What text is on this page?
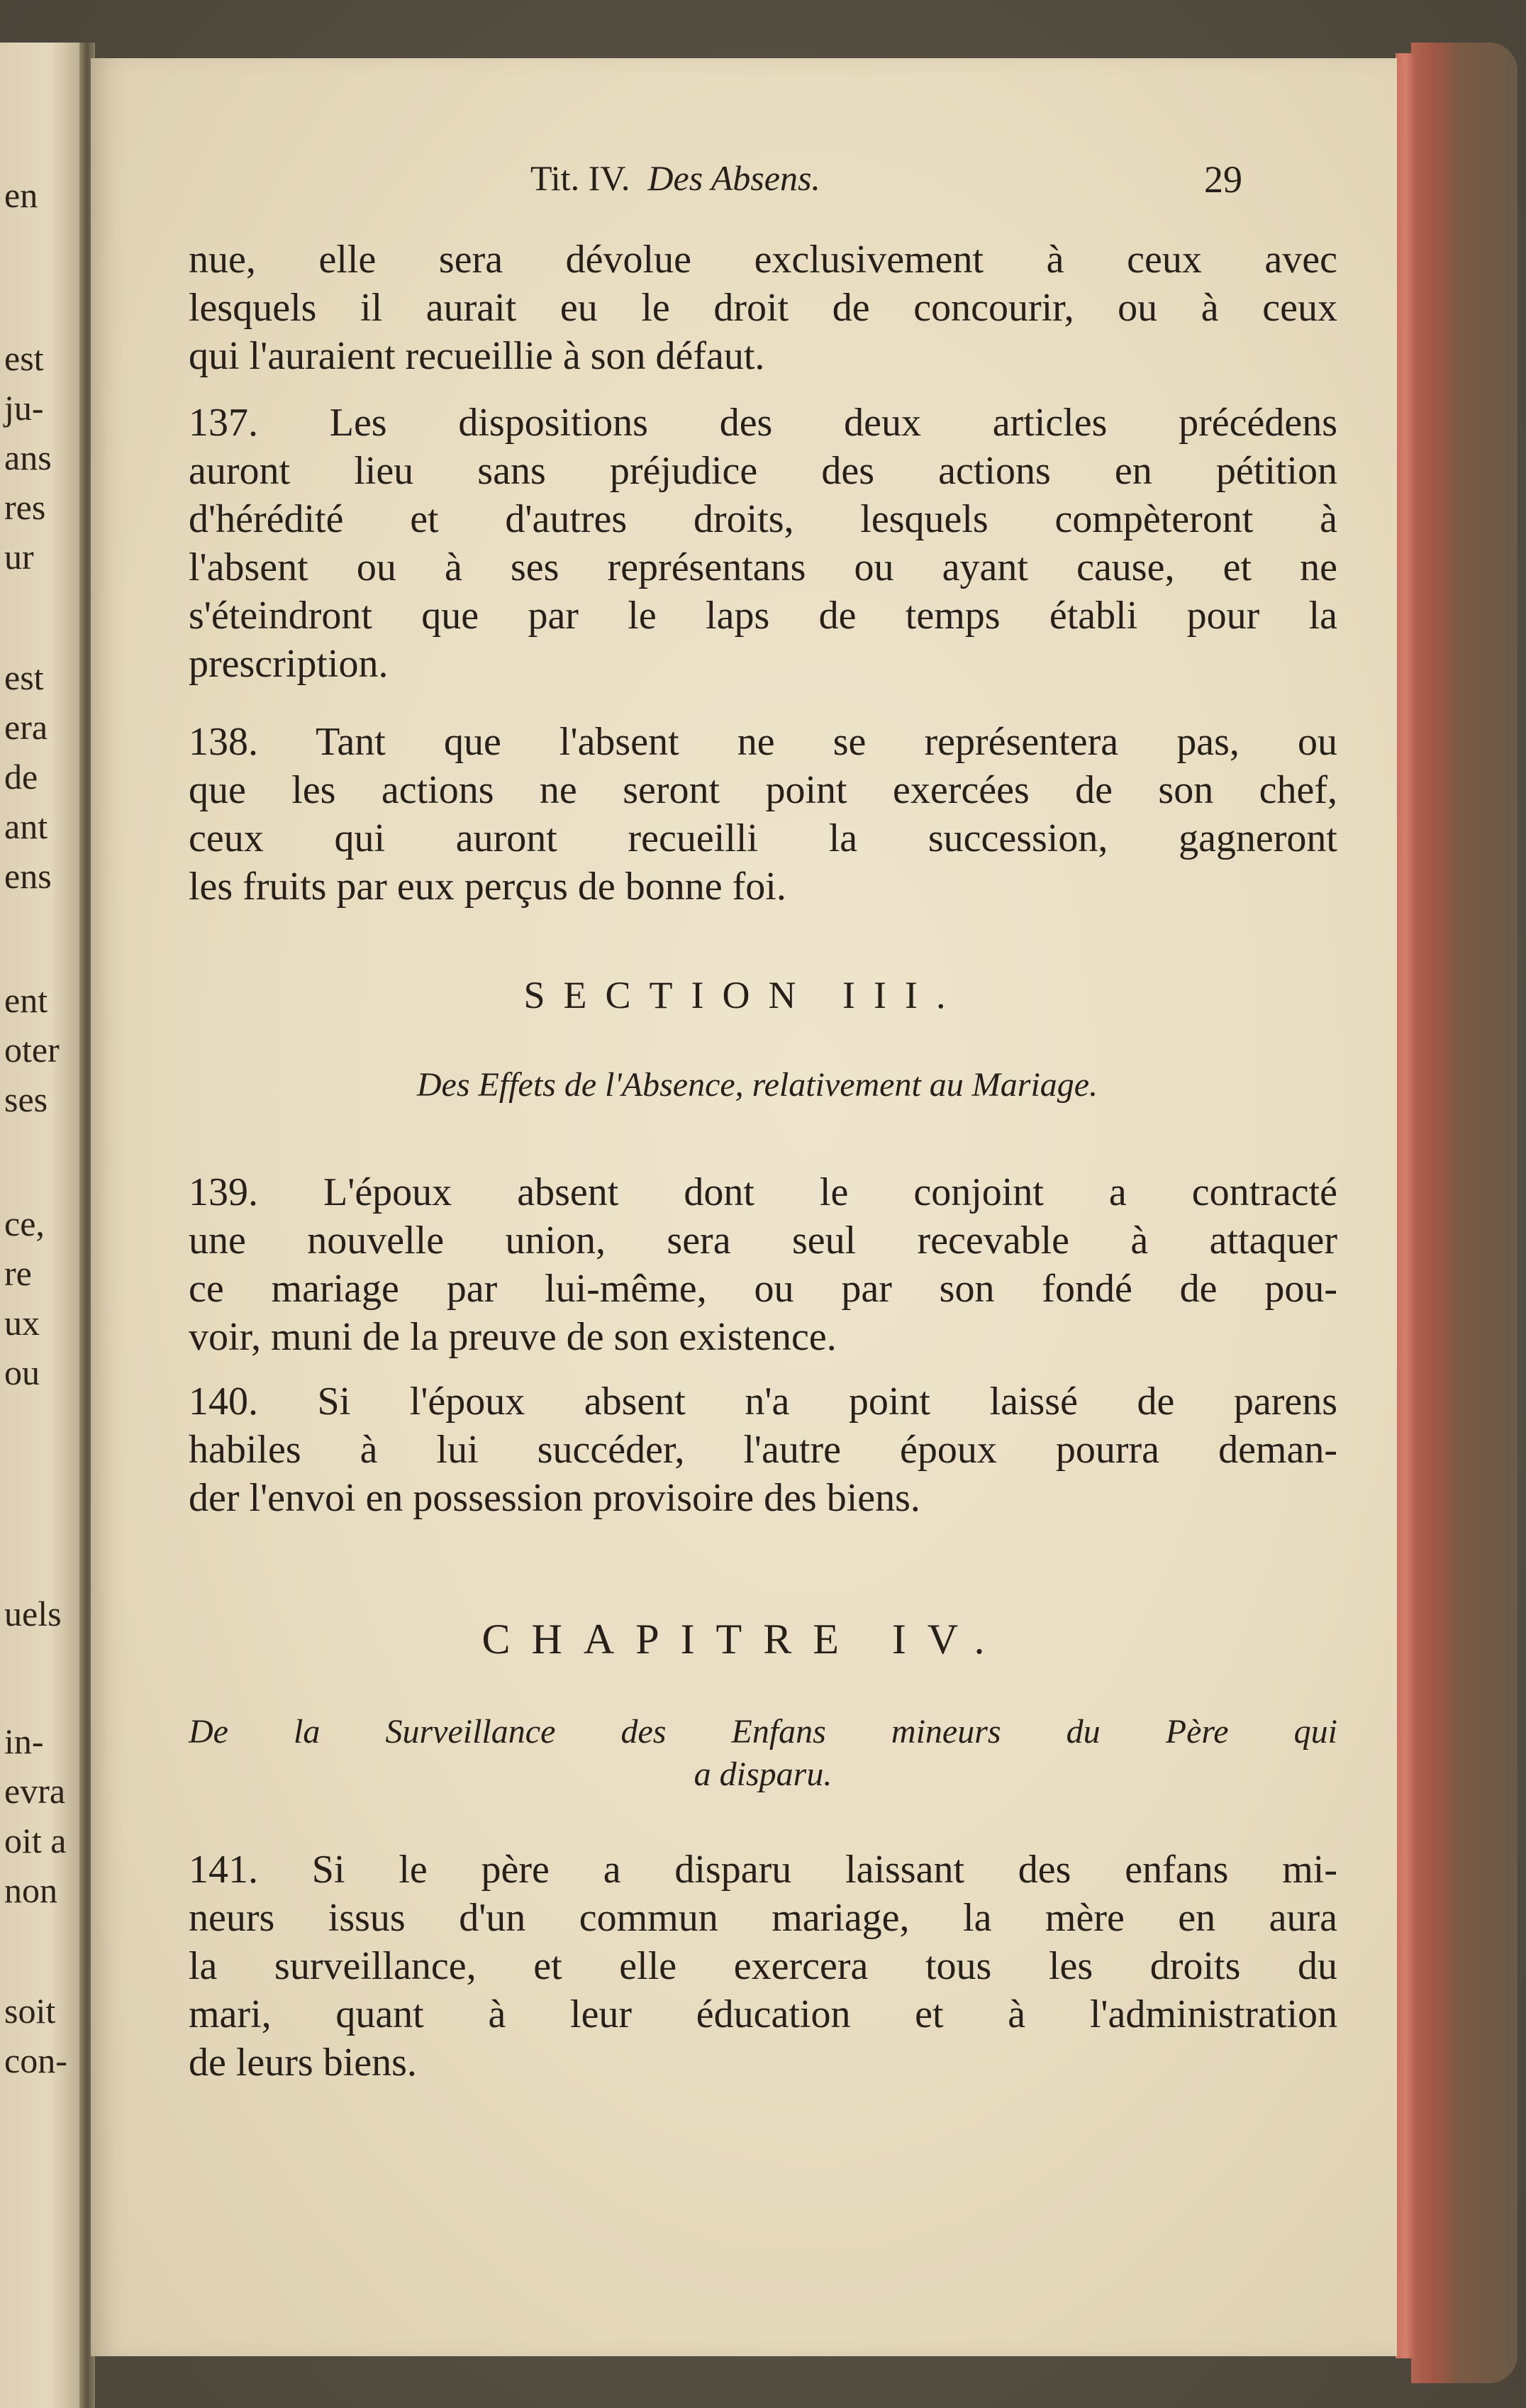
en
est
ju-
ans
res
ur
est
era
de
ant
ens
ent
oter
ses
ce,
re
ux
ou
uels
in-
evra
oit a
non
soit
con-
Tit. IV. Des Absens.	29
nue, elle sera dévolue exclusivement à ceux avec
lesquels il aurait eu le droit de concourir, ou à ceux
qui l'auraient recueillie à son défaut.
137. Les dispositions des deux articles précédens
auront lieu sans préjudice des actions en pétition
d'hérédité et d'autres droits, lesquels compèteront à
l'absent ou à ses représentans ou ayant cause, et ne
s'éteindront que par le laps de temps établi pour la
prescription.
138. Tant que l'absent ne se représentera pas, ou
que les actions ne seront point exercées de son chef,
ceux qui auront recueilli la succession, gagneront
les fruits par eux perçus de bonne foi.
SECTION III.
Des Effets de l'Absence, relativement au Mariage.
139. L'époux absent dont le conjoint a contracté
une nouvelle union, sera seul recevable à attaquer
ce mariage par lui-même, ou par son fondé de pou-
voir, muni de la preuve de son existence.
140. Si l'époux absent n'a point laissé de parens
habiles à lui succéder, l'autre époux pourra deman-
der l'envoi en possession provisoire des biens.
CHAPITRE IV.
De la Surveillance des Enfans mineurs du Père qui
a disparu.
141. Si le père a disparu laissant des enfans mi-
neurs issus d'un commun mariage, la mère en aura
la surveillance, et elle exercera tous les droits du
mari, quant à leur éducation et à l'administration
de leurs biens.
